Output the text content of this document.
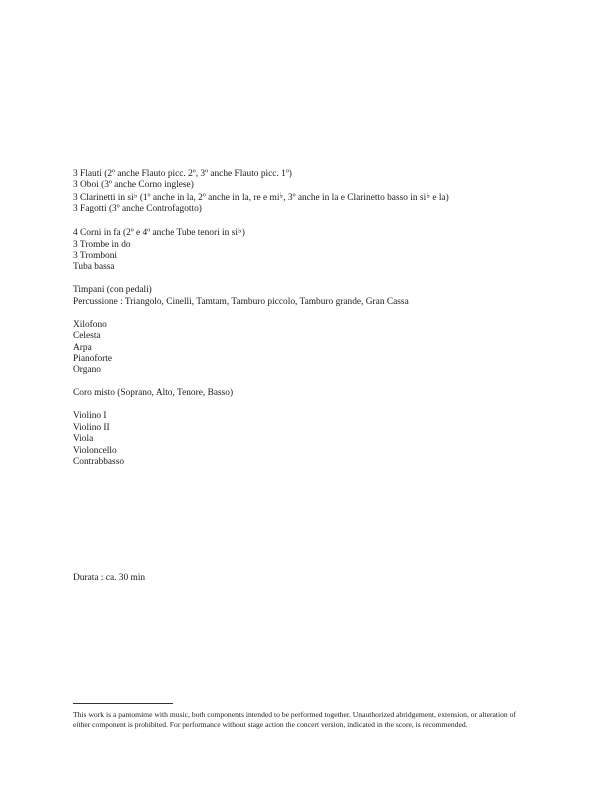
3 Flauti (2º anche Flauto picc. 2º, 3º anche Flauto picc. 1º)
3 Oboi (3º anche Corno inglese)
3 Clarinetti in si♭ (1º anche in la, 2º anche in la, re e mi♭, 3º anche in la e Clarinetto basso in si♭ e la)
3 Fagotti (3º anche Controfagotto)
4 Corni in fa (2º e 4º anche Tube tenori in si♭)
3 Trombe in do
3 Tromboni
Tuba bassa
Timpani (con pedali)
Percussione : Triangolo, Cinelli, Tamtam, Tamburo piccolo, Tamburo grande, Gran Cassa
Xilofono
Celesta
Arpa
Pianoforte
Organo
Coro misto (Soprano, Alto, Tenore, Basso)
Violino I
Violino II
Viola
Violoncello
Contrabbasso
Durata : ca. 30 min
This work is a pantomime with music, both components intended to be performed together. Unauthorized abridgement, extension, or alteration of either component is prohibited. For performance without stage action the concert version, indicated in the score, is recommended.
